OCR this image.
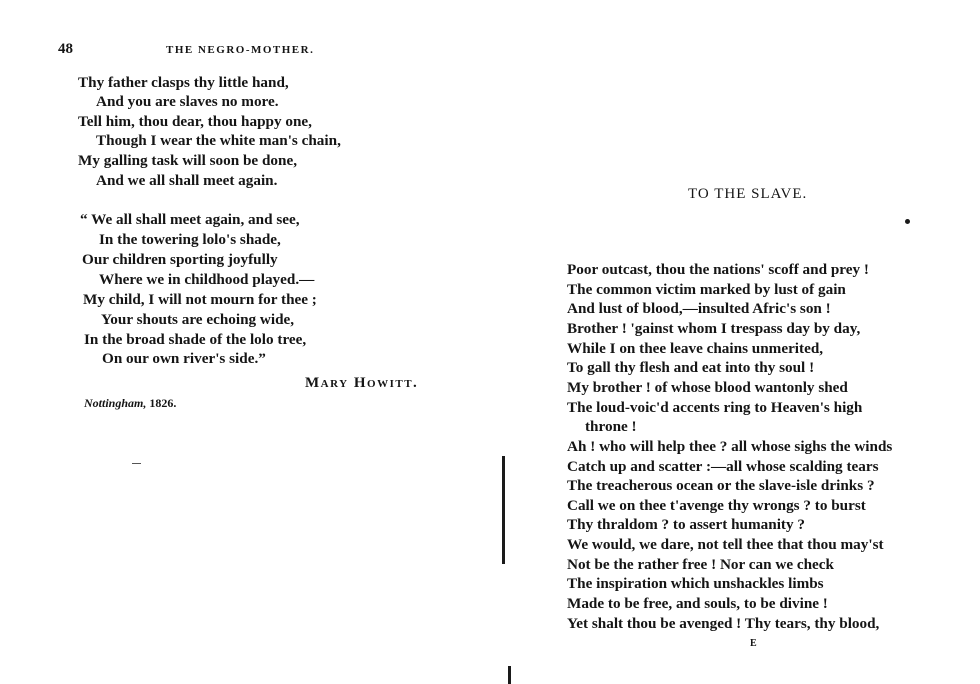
48	THE NEGRO-MOTHER.
Thy father clasps thy little hand,
And you are slaves no more.
Tell him, thou dear, thou happy one,
Though I wear the white man's chain,
My galling task will soon be done,
And we all shall meet again.
“ We all shall meet again, and see,
In the towering lolo's shade,
Our children sporting joyfully
Where we in childhood played.—
My child, I will not mourn for thee ;
Your shouts are echoing wide,
In the broad shade of the lolo tree,
On our own river's side.”
Mary Howitt.
Nottingham, 1826.
TO THE SLAVE.
Poor outcast, thou the nations' scoff and prey !
The common victim marked by lust of gain
And lust of blood,—insulted Afric's son !
Brother ! 'gainst whom I trespass day by day,
While I on thee leave chains unmerited,
To gall thy flesh and eat into thy soul !
My brother ! of whose blood wantonly shed
The loud-voic'd accents ring to Heaven's high
throne !
Ah ! who will help thee ? all whose sighs the winds
Catch up and scatter :—all whose scalding tears
The treacherous ocean or the slave-isle drinks ?
Call we on thee t'avenge thy wrongs ? to burst
Thy thraldom ? to assert humanity ?
We would, we dare, not tell thee that thou may'st
Not be the rather free ! Nor can we check
The inspiration which unshackles limbs
Made to be free, and souls, to be divine !
Yet shalt thou be avenged ! Thy tears, thy blood,
E
